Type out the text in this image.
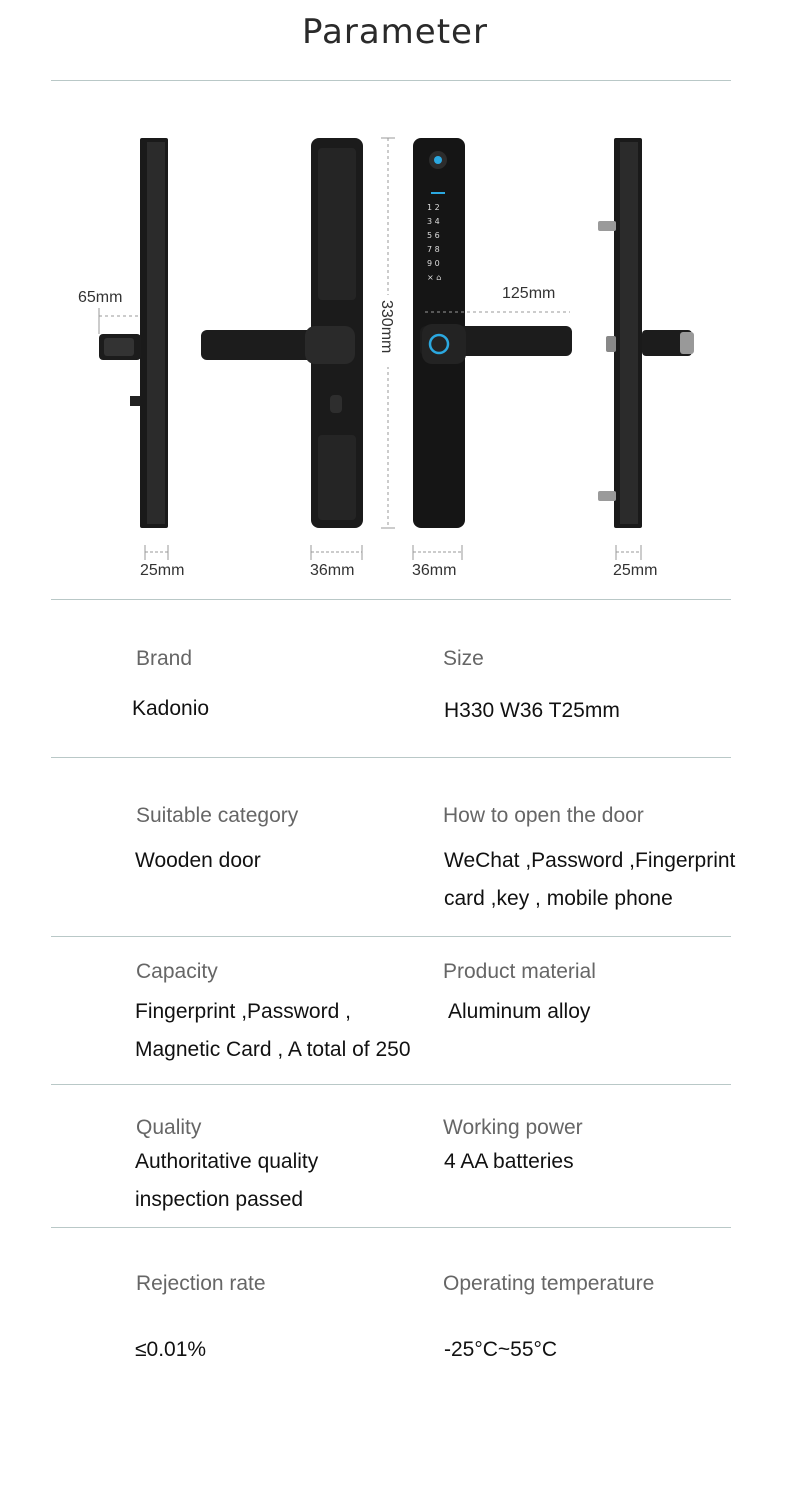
Parameter
65mm
25mm	36mm
330mm
1 2
3 4
5 6
7 8
9 0
× ⌂
125mm
36mm	25mm
Brand
Kadonio
Size
H330 W36 T25mm
Suitable category
Wooden door
How to open the door
WeChat ,Password ,Fingerprint
card ,key , mobile phone
Capacity
Fingerprint ,Password ,
Magnetic Card , A total of 250
Product material
Aluminum alloy
Quality
Authoritative quality
inspection passed
Working power
4 AA batteries
Rejection rate
≤0.01%
Operating temperature
-25°C~55°C
